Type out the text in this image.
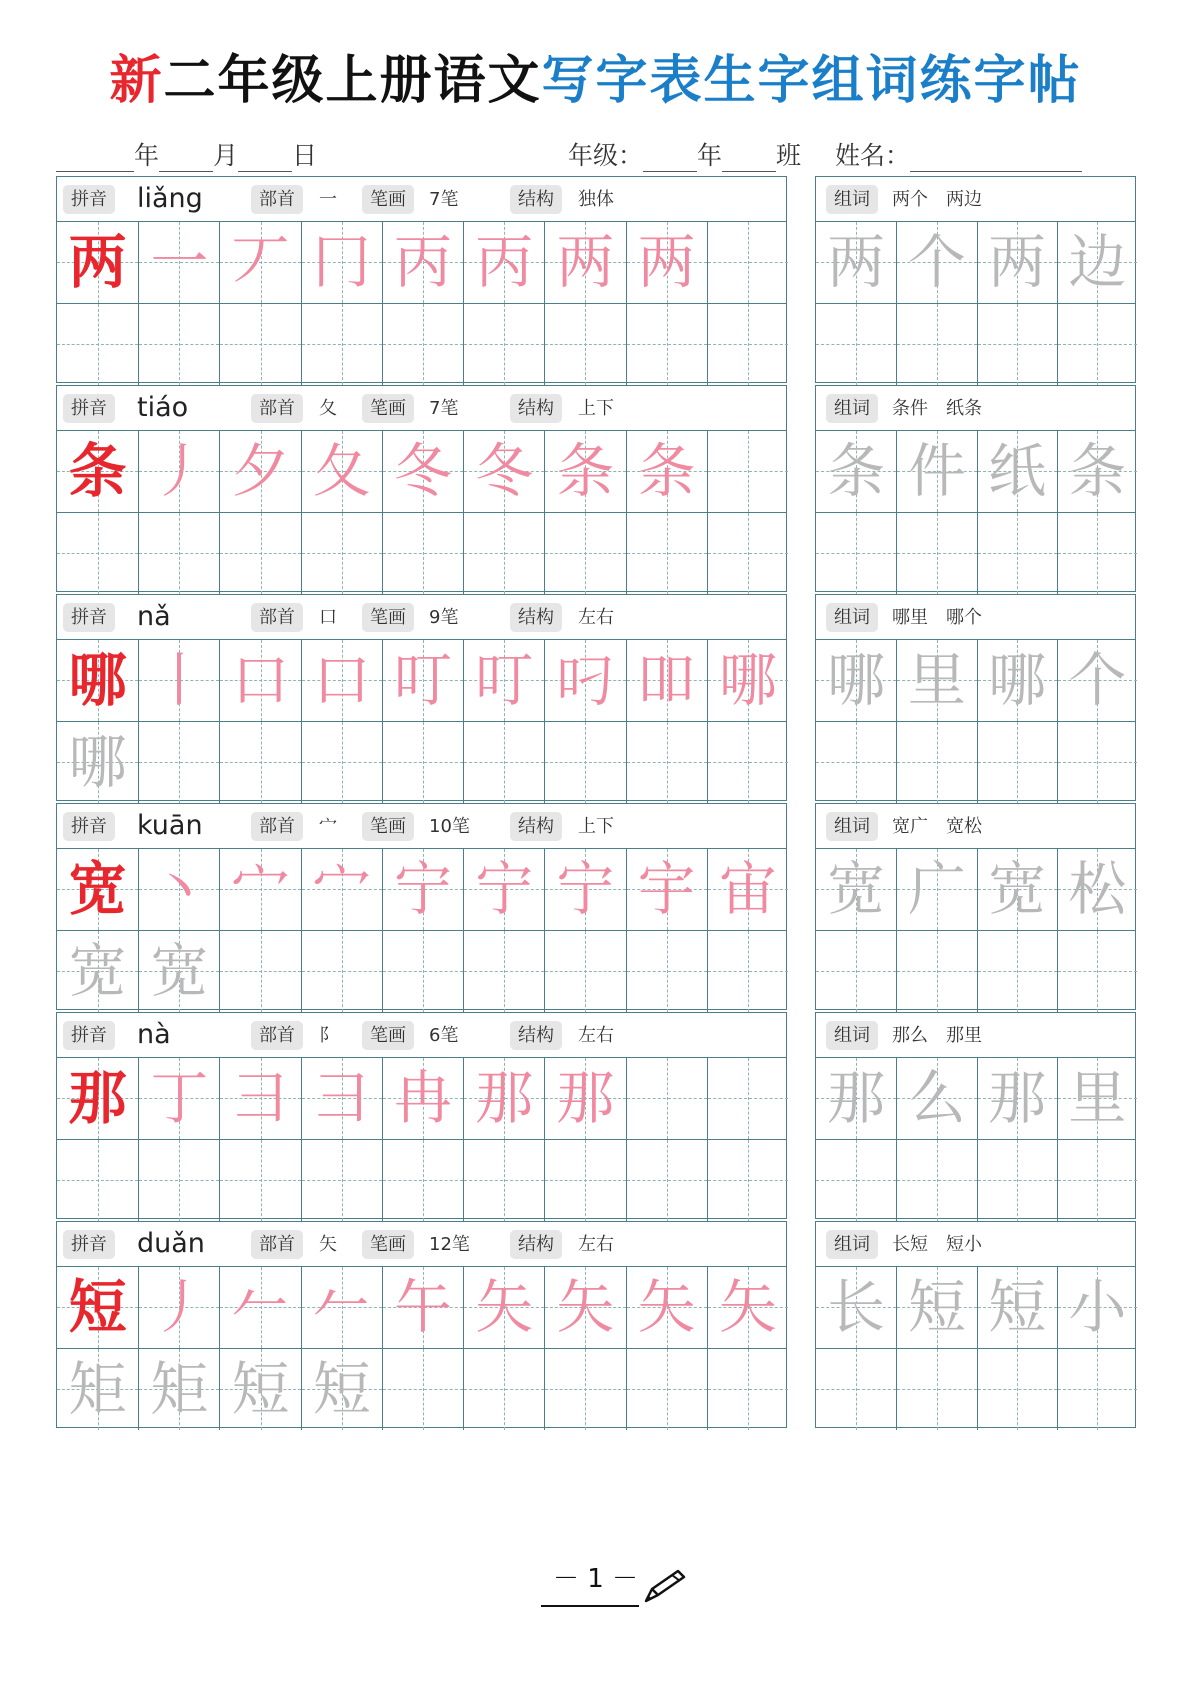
新二年级上册语文写字表生字组词练字帖
年 月 日	年级： 年 班 姓名：
拼音 liǎng	部首	一	笔画	7笔	结构	独体
两 一 丆 冂 丙 丙 两 两
组词	两个　两边
两 个 两 边
拼音 tiáo	部首	夂	笔画	7笔	结构	上下
条 丿 夕 夂 冬 冬 条 条
组词	条件　纸条
条 件 纸 条
拼音 nǎ	部首	口	笔画	9笔	结构	左右
哪 丨 口 口 叮 叮 叼 吅 哪
哪
组词	哪里　哪个
哪 里 哪 个
拼音 kuān	部首	宀	笔画	10笔	结构	上下
宽 丶 宀 宀 宁 宁 宁 宇 宙
宽 宽
组词	宽广　宽松
宽 广 宽 松
拼音 nà	部首	阝	笔画	6笔	结构	左右
那 丁 彐 彐 冉 那 那
组词	那么　那里
那 么 那 里
拼音 duǎn	部首	矢	笔画	12笔	结构	左右
短 丿 𠂉 𠂉 午 矢 矢 矢 矢
矩 矩 短 短
组词	长短　短小
长 短 短 小
－ 1 －
